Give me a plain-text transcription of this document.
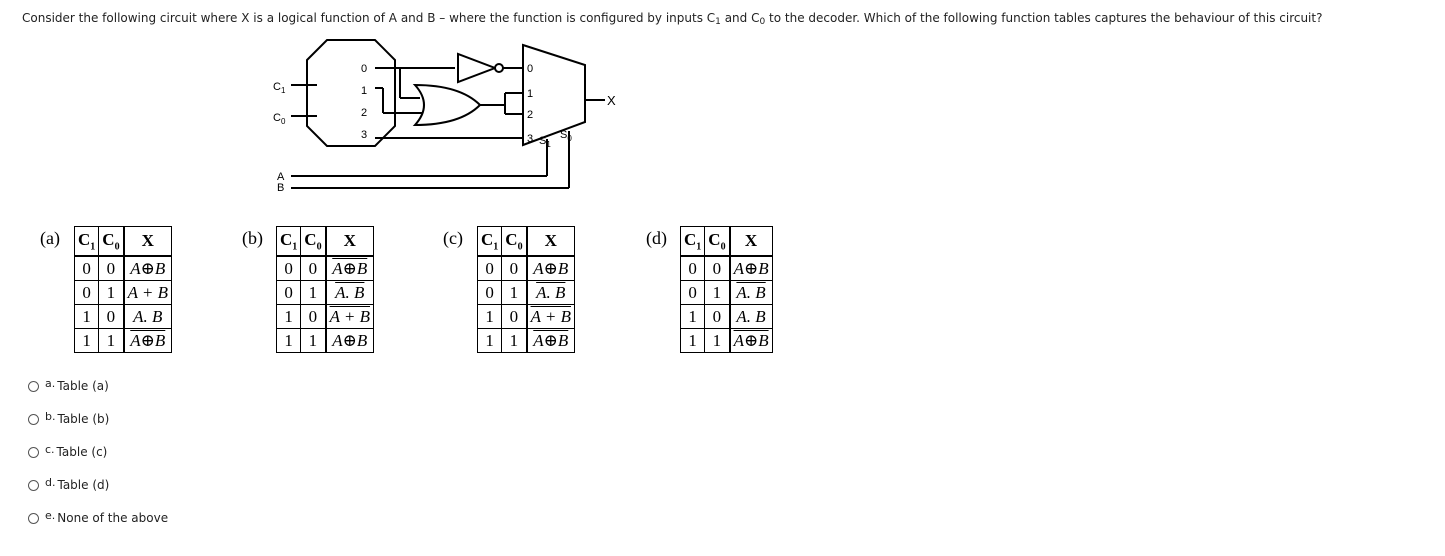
Consider the following circuit where X is a logical function of A and B – where the function is configured by inputs C1 and C0 to the decoder. Which of the following function tables captures the behaviour of this circuit?
$C_1$
$C_0$
A
B
0
1
2
3
0
1
2
3 $S_1$
$S_0$
X
(a) $C_1$	$C_0$	X
0	0	A⊕B
0	1	A + B
1	0	A. B
1	1	A⊕B
(b) $C_1$	$C_0$	X
0	0	A⊕B
0	1	A. B
1	0	A + B
1	1	A⊕B
(c) $C_1$	$C_0$	X
0	0	A⊕B
0	1	A. B
1	0	A + B
1	1	A⊕B
(d) $C_1$	$C_0$	X
0	0	A⊕B
0	1	A. B
1	0	A. B
1	1	A⊕B
a. Table (a)
b. Table (b)
c. Table (c)
d. Table (d)
e. None of the above
